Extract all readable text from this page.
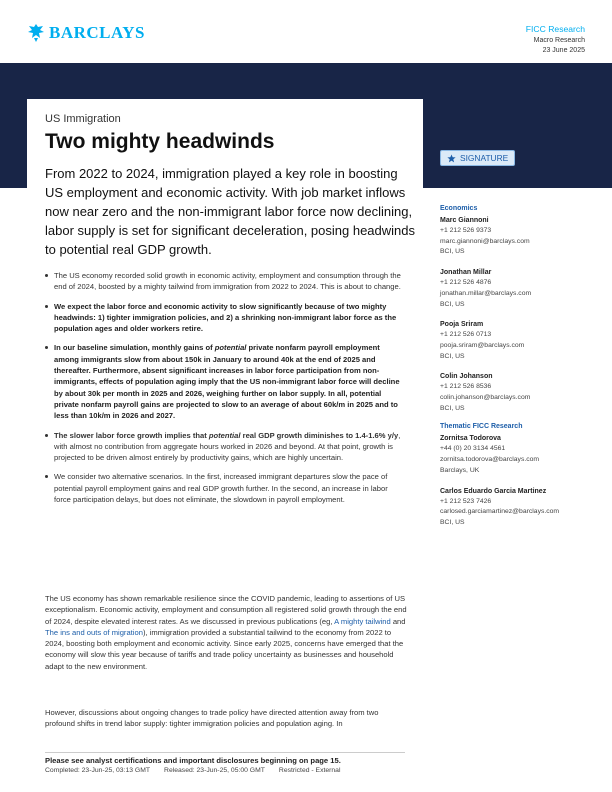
BARCLAYS	FICC Research
Macro Research
23 June 2025
US Immigration
Two mighty headwinds
From 2022 to 2024, immigration played a key role in boosting US employment and economic activity. With job market inflows now near zero and the non-immigrant labor force now declining, labor supply is set for significant deceleration, posing headwinds to potential real GDP growth.
SIGNATURE
The US economy recorded solid growth in economic activity, employment and consumption through the end of 2024, boosted by a mighty tailwind from immigration from 2022 to 2024. This is about to change.
We expect the labor force and economic activity to slow significantly because of two mighty headwinds: 1) tighter immigration policies, and 2) a shrinking non-immigrant labor force as the population ages and older workers retire.
In our baseline simulation, monthly gains of potential private nonfarm payroll employment among immigrants slow from about 150k in January to around 40k at the end of 2025 and thereafter. Furthermore, absent significant increases in labor force participation from non-immigrants, effects of population aging imply that the US non-immigrant labor force will decline by about 30k per month in 2025 and 2026, weighing further on labor supply. In all, potential private nonfarm payroll gains are projected to slow to an average of about 60k/m in 2025 and to less than 10k/m in 2026 and 2027.
The slower labor force growth implies that potential real GDP growth diminishes to 1.4-1.6% y/y, with almost no contribution from aggregate hours worked in 2026 and beyond. At that point, growth is projected to be driven almost entirely by productivity gains, which are highly uncertain.
We consider two alternative scenarios. In the first, increased immigrant departures slow the pace of potential payroll employment gains and real GDP growth further. In the second, an increase in labor force participation delays, but does not eliminate, the slowdown in payroll employment.

The US economy has shown remarkable resilience since the COVID pandemic, leading to assertions of US exceptionalism. Economic activity, employment and consumption all registered solid growth through the end of 2024, despite elevated interest rates. As we discussed in previous publications (eg, A mighty tailwind and The ins and outs of migration), immigration provided a substantial tailwind to the economy from 2022 to 2024, boosting both employment and economic activity. Since early 2025, concerns have emerged that the economy will slow this year because of tariffs and trade policy uncertainty as businesses and household adapt to the new environment.

However, discussions about ongoing changes to trade policy have directed attention away from two profound shifts in trend labor supply: tighter immigration policies and population aging. In

Please see analyst certifications and important disclosures beginning on page 15.
Completed: 23-Jun-25, 03:13 GMT Released: 23-Jun-25, 05:00 GMT Restricted - External
Economics
Marc Giannoni
+1 212 526 9373
marc.giannoni@barclays.com
BCI, US
Jonathan Millar
+1 212 526 4876
jonathan.millar@barclays.com
BCI, US
Pooja Sriram
+1 212 526 0713
pooja.sriram@barclays.com
BCI, US
Colin Johanson
+1 212 526 8536
colin.johanson@barclays.com
BCI, US
Thematic FICC Research
Zornitsa Todorova
+44 (0) 20 3134 4561
zornitsa.todorova@barclays.com
Barclays, UK
Carlos Eduardo Garcia Martinez
+1 212 523 7426
carlosed.garciamartinez@barclays.com
BCI, US
